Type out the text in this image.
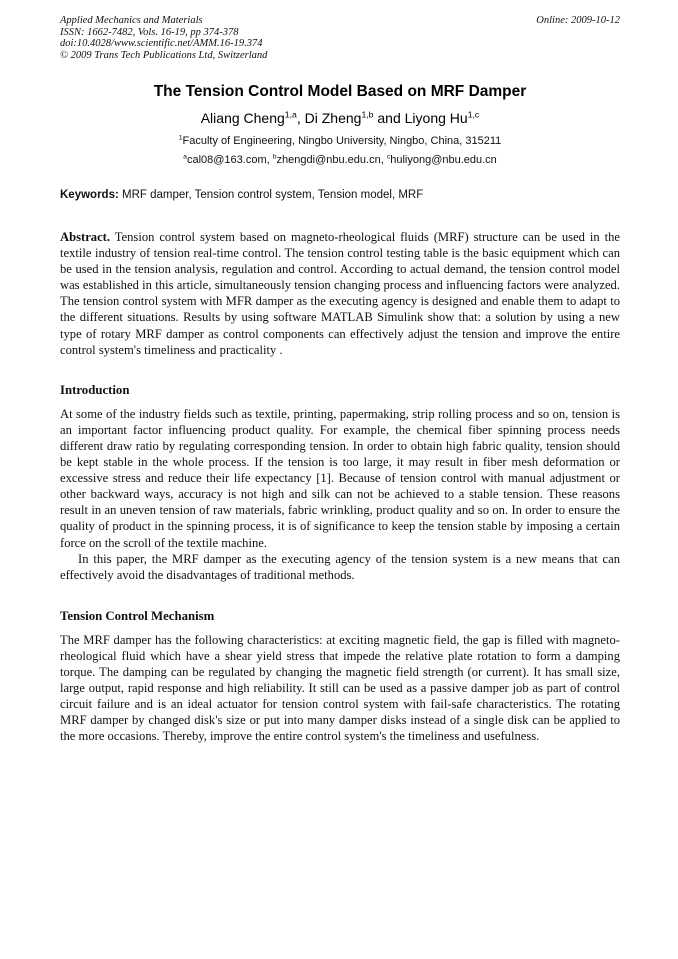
Applied Mechanics and Materials
ISSN: 1662-7482, Vols. 16-19, pp 374-378
doi:10.4028/www.scientific.net/AMM.16-19.374
© 2009 Trans Tech Publications Ltd, Switzerland
Online: 2009-10-12
The Tension Control Model Based on MRF Damper
Aliang Cheng$^{1,a}$, Di Zheng$^{1,b}$ and Liyong Hu$^{1,c}$
$^1$Faculty of Engineering, Ningbo University, Ningbo, China, 315211
$^a$cal08@163.com, $^b$zhengdi@nbu.edu.cn, $^c$huliyong@nbu.edu.cn
Keywords: MRF damper, Tension control system, Tension model, MRF

Abstract. Tension control system based on magneto-rheological fluids (MRF) structure can be used in the textile industry of tension real-time control. The tension control testing table is the basic equipment which can be used in the tension analysis, regulation and control. According to actual demand, the tension control model was established in this article, simultaneously tension changing process and influencing factors were analyzed. The tension control system with MFR damper as the executing agency is designed and enable them to adapt to the different situations. Results by using software MATLAB Simulink show that: a solution by using a new type of rotary MRF damper as control components can effectively adjust the tension and improve the entire control system's timeliness and practicality .

Introduction

At some of the industry fields such as textile, printing, papermaking, strip rolling process and so on, tension is an important factor influencing product quality. For example, the chemical fiber spinning process needs different draw ratio by regulating corresponding tension. In order to obtain high fabric quality, tension should be kept stable in the whole process. If the tension is too large, it may result in fiber mesh deformation or excessive stress and reduce their life expectancy [1]. Because of tension control with manual adjustment or other backward ways, accuracy is not high and silk can not be achieved to a stable tension. These reasons result in an uneven tension of raw materials, fabric wrinkling, product quality and so on. In order to ensure the quality of product in the spinning process, it is of significance to keep the tension stable by imposing a certain force on the scroll of the textile machine.

In this paper, the MRF damper as the executing agency of the tension system is a new means that can effectively avoid the disadvantages of traditional methods.

Tension Control Mechanism

The MRF damper has the following characteristics: at exciting magnetic field, the gap is filled with magneto-rheological fluid which have a shear yield stress that impede the relative plate rotation to form a damping torque. The damping can be regulated by changing the magnetic field strength (or current). It has small size, large output, rapid response and high reliability. It still can be used as a passive damper job as part of control circuit failure and is an ideal actuator for tension control system with fail-safe characteristics. The rotating MRF damper by changed disk's size or put into many damper disks instead of a single disk can be applied to the more occasions. Thereby, improve the entire control system's the timeliness and usefulness.
